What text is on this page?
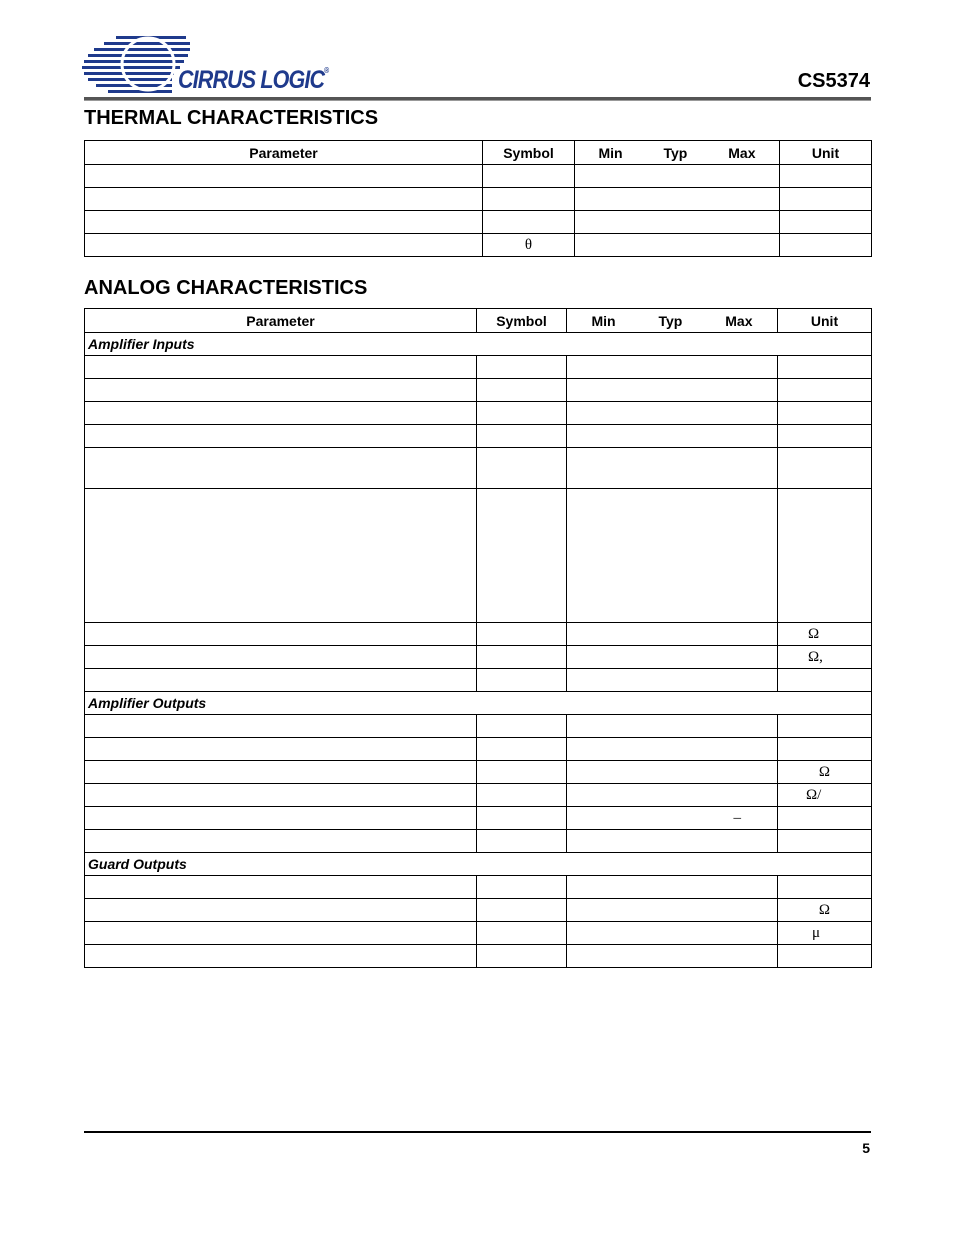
CIRRUS LOGIC®	CS5374
THERMAL CHARACTERISTICS
Parameter	Symbol	Min Typ Max	Unit

	θ		
ANALOG CHARACTERISTICS
Parameter	Symbol	Min Typ Max	Unit
Amplifier Inputs			

			Ω
			Ω,

Amplifier Outputs			

			Ω
			Ω/
		–	

Guard Outputs			

			Ω
			μ

5
